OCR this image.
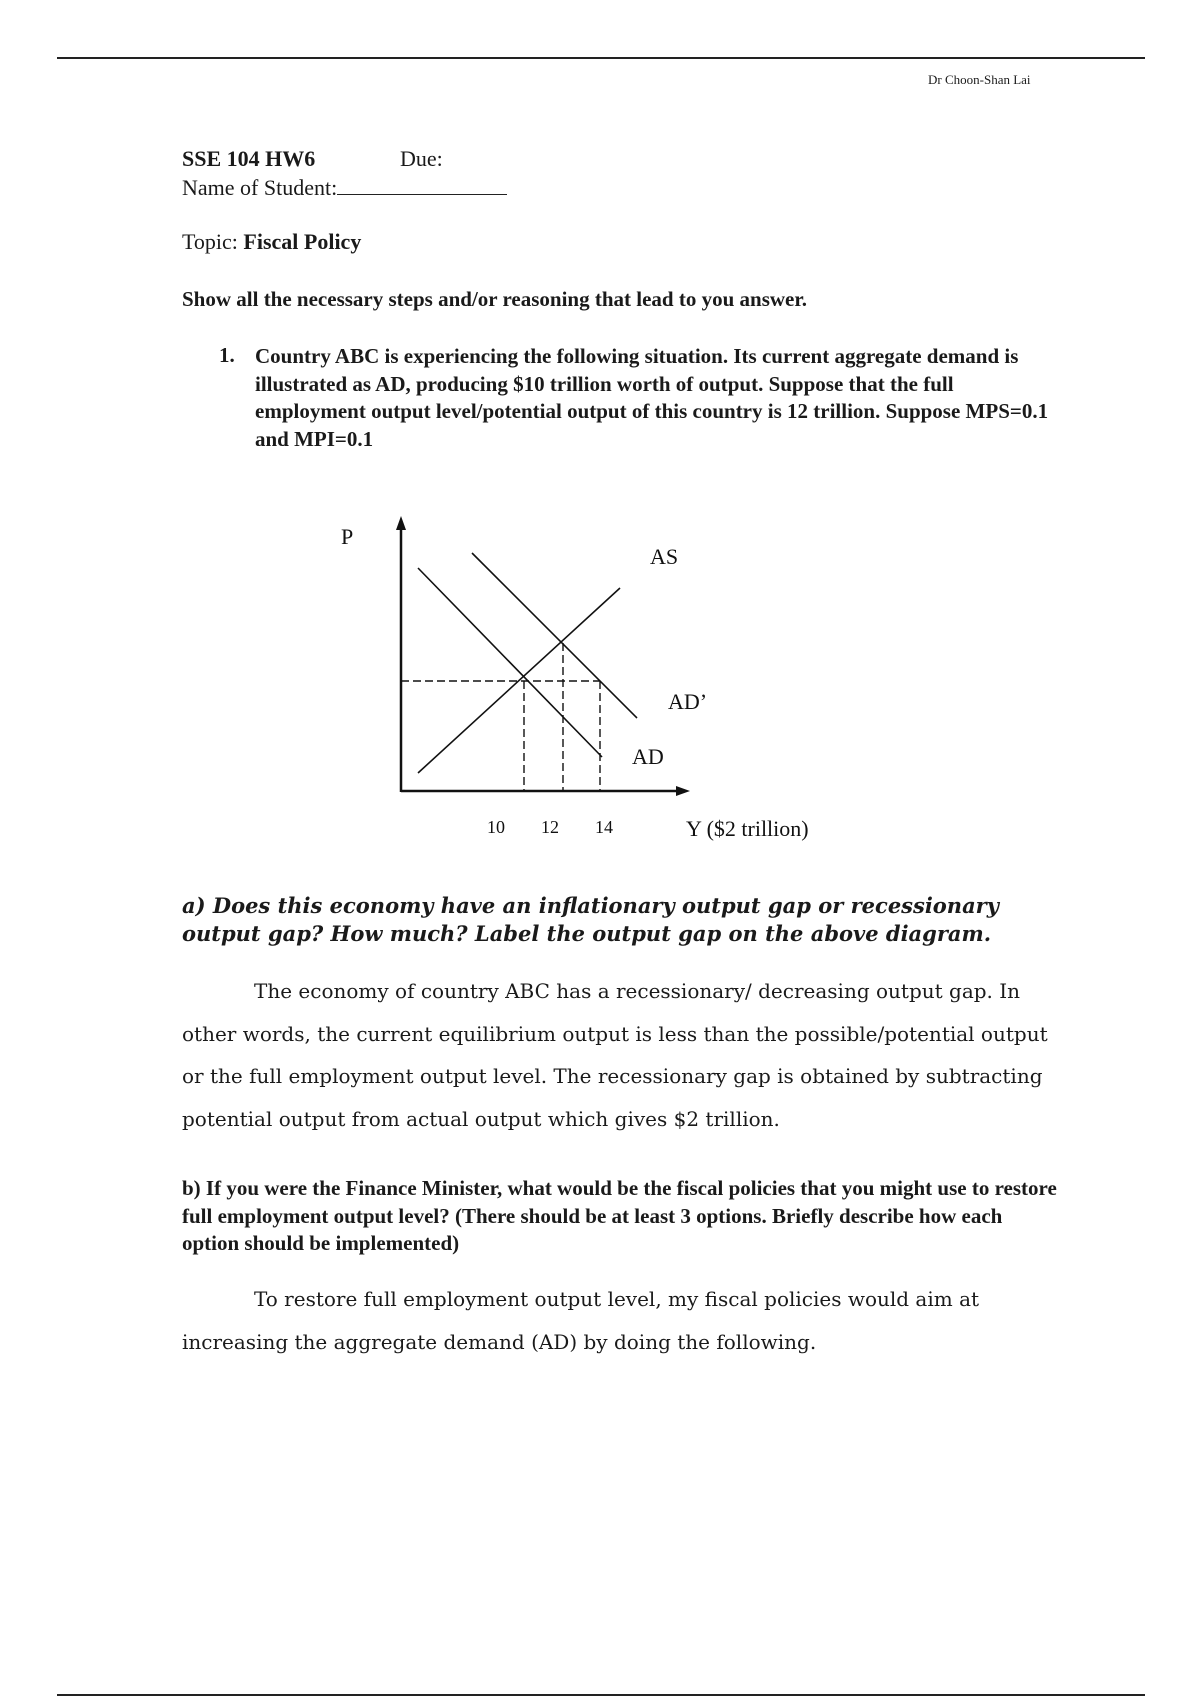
Dr Choon-Shan Lai
SSE 104 HW6	Due:
Name of Student:
Topic: Fiscal Policy
Show all the necessary steps and/or reasoning that lead to you answer.
1. Country ABC is experiencing the following situation. Its current aggregate demand is illustrated as AD, producing $10 trillion worth of output. Suppose that the full employment output level/potential output of this country is 12 trillion. Suppose MPS=0.1 and MPI=0.1
P
AS
AD’
AD
10 12 14	Y ($2 trillion)
a) Does this economy have an inflationary output gap or recessionary output gap? How much? Label the output gap on the above diagram.
The economy of country ABC has a recessionary/ decreasing output gap. In other words, the current equilibrium output is less than the possible/potential output or the full employment output level. The recessionary gap is obtained by subtracting potential output from actual output which gives $2 trillion.
b) If you were the Finance Minister, what would be the fiscal policies that you might use to restore full employment output level? (There should be at least 3 options. Briefly describe how each option should be implemented)
To restore full employment output level, my fiscal policies would aim at increasing the aggregate demand (AD) by doing the following.
